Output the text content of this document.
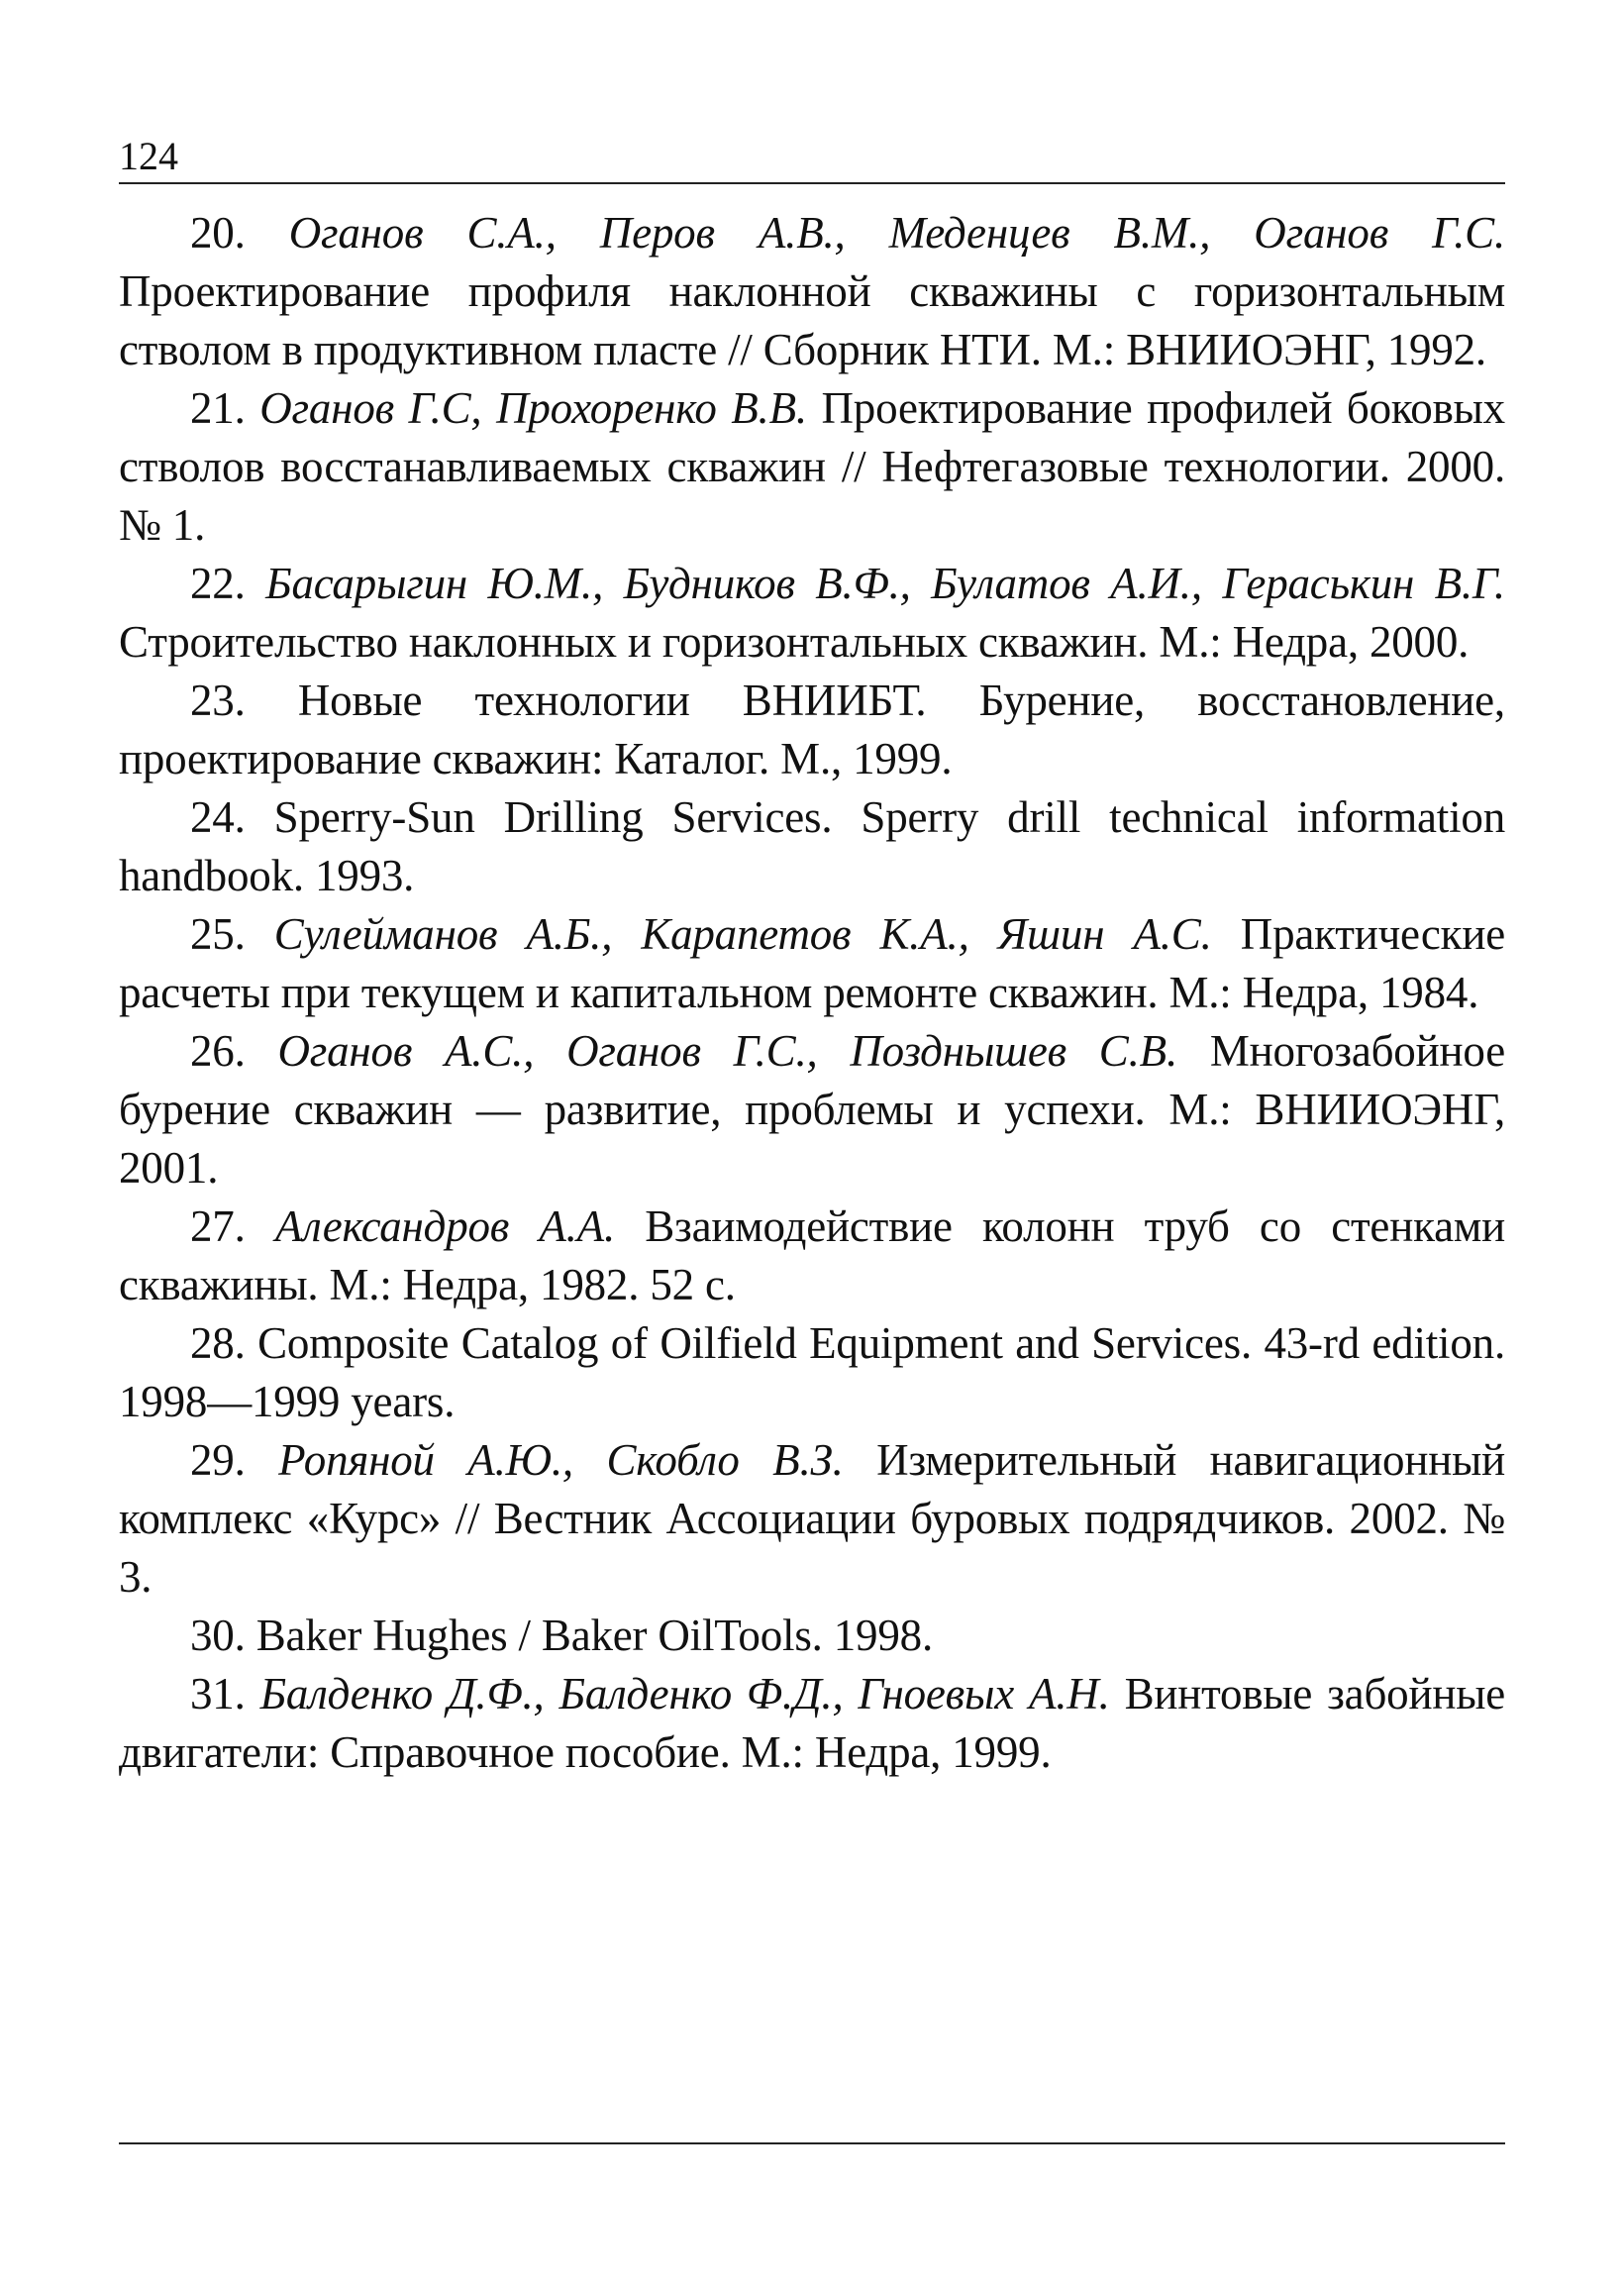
124
20. Оганов С.А., Перов А.В., Меденцев В.М., Оганов Г.С. Проектирование профиля наклонной скважины с горизонтальным стволом в продуктивном пласте // Сборник НТИ. М.: ВНИИОЭНГ, 1992.
21. Оганов Г.С, Прохоренко В.В. Проектирование профилей боковых стволов восстанавливаемых скважин // Нефтегазовые технологии. 2000. № 1.
22. Басарыгин Ю.М., Будников В.Ф., Булатов А.И., Гераськин В.Г. Строительство наклонных и горизонтальных скважин. М.: Недра, 2000.
23. Новые технологии ВНИИБТ. Бурение, восстановление, проектирование скважин: Каталог. М., 1999.
24. Sperry-Sun Drilling Services. Sperry drill technical information handbook. 1993.
25. Сулейманов А.Б., Карапетов К.А., Яшин А.С. Практические расчеты при текущем и капитальном ремонте скважин. М.: Недра, 1984.
26. Оганов А.С., Оганов Г.С., Позднышев С.В. Многозабойное бурение скважин — развитие, проблемы и успехи. М.: ВНИИОЭНГ, 2001.
27. Александров А.А. Взаимодействие колонн труб со стенками скважины. М.: Недра, 1982. 52 с.
28. Composite Catalog of Oilfield Equipment and Services. 43-rd edition. 1998—1999 years.
29. Ропяной А.Ю., Скобло В.З. Измерительный навигационный комплекс «Курс» // Вестник Ассоциации буровых подрядчиков. 2002. № 3.
30. Baker Hughes / Baker OilTools. 1998.
31. Балденко Д.Ф., Балденко Ф.Д., Гноевых А.Н. Винтовые забойные двигатели: Справочное пособие. М.: Недра, 1999.
